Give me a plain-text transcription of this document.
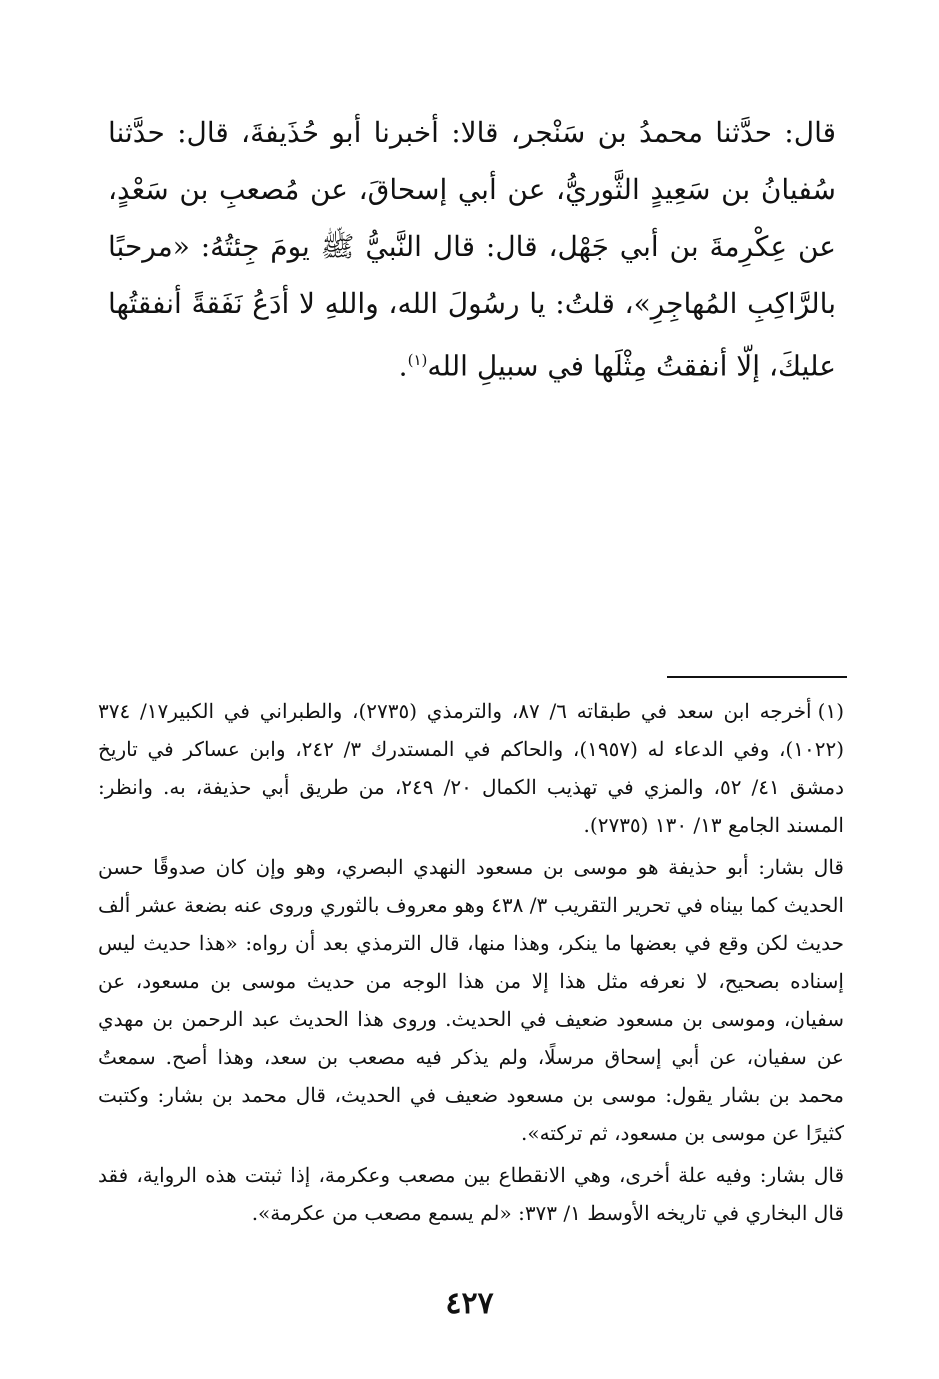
قال: حدَّثنا محمدُ بن سَنْجر، قالا: أخبرنا أبو حُذَيفةَ، قال: حدَّثنا سُفيانُ بن سَعِيدٍ الثَّوريُّ، عن أبي إسحاقَ، عن مُصعبِ بن سَعْدٍ، عن عِكْرِمةَ بن أبي جَهْل، قال: قال النَّبيُّ ﷺ يومَ جِئتُهُ: «مرحبًا بالرَّاكِبِ المُهاجِرِ»، قلتُ: يا رسُولَ الله، واللهِ لا أدَعُ نَفَقةً أنفقتُها عليكَ، إلّا أنفقتُ مِثْلَها في سبيلِ الله$^{(١)}$.

(١)أخرجه ابن سعد في طبقاته ٦/ ٨٧، والترمذي (٢٧٣٥)، والطبراني في الكبير١٧/ ٣٧٤ (١٠٢٢)، وفي الدعاء له (١٩٥٧)، والحاكم في المستدرك ٣/ ٢٤٢، وابن عساكر في تاريخ دمشق ٤١/ ٥٢، والمزي في تهذيب الكمال ٢٠/ ٢٤٩، من طريق أبي حذيفة، به. وانظر: المسند الجامع ١٣/ ١٣٠ (٢٧٣٥).

قال بشار: أبو حذيفة هو موسى بن مسعود النهدي البصري، وهو وإن كان صدوقًا حسن الحديث كما بيناه في تحرير التقريب ٣/ ٤٣٨ وهو معروف بالثوري وروى عنه بضعة عشر ألف حديث لكن وقع في بعضها ما ينكر، وهذا منها، قال الترمذي بعد أن رواه: «هذا حديث ليس إسناده بصحيح، لا نعرفه مثل هذا إلا من هذا الوجه من حديث موسى بن مسعود، عن سفيان، وموسى بن مسعود ضعيف في الحديث. وروى هذا الحديث عبد الرحمن بن مهدي عن سفيان، عن أبي إسحاق مرسلًا، ولم يذكر فيه مصعب بن سعد، وهذا أصح. سمعتُ محمد بن بشار يقول: موسى بن مسعود ضعيف في الحديث، قال محمد بن بشار: وكتبت كثيرًا عن موسى بن مسعود، ثم تركته».

قال بشار: وفيه علة أخرى، وهي الانقطاع بين مصعب وعكرمة، إذا ثبتت هذه الرواية، فقد قال البخاري في تاريخه الأوسط ١/ ٣٧٣: «لم يسمع مصعب من عكرمة».

٤٢٧
